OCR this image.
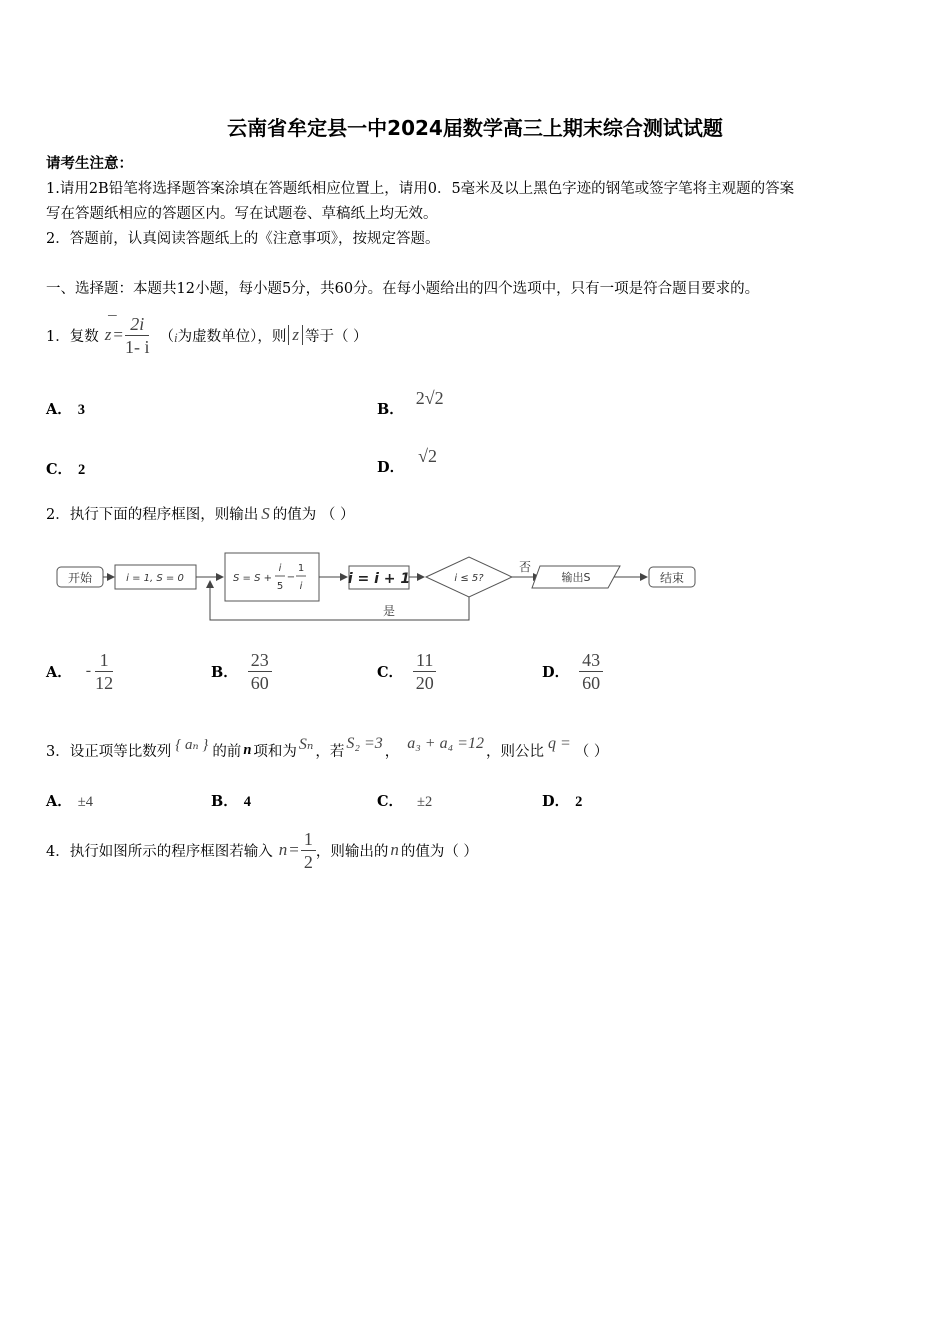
云南省牟定县一中2024届数学高三上期末综合测试试题
请考生注意：
1.请用2B铅笔将选择题答案涂填在答题纸相应位置上，请用0．5毫米及以上黑色字迹的钢笔或签字笔将主观题的答案
写在答题纸相应的答题区内。写在试题卷、草稿纸上均无效。
2．答题前，认真阅读答题纸上的《注意事项》，按规定答题。
一、选择题：本题共12小题，每小题5分，共60分。在每小题给出的四个选项中，只有一项是符合题目要求的。
1．复数
¯
$z = \frac{2i}{1- i}$ （ i 为虚数单位），则 z 等于（ ）
A． 3	B．2√2
C． 2	D．√2
2．执行下面的程序框图，则输出 S 的值为 （ ）
开始	i = 1, S = 0	S = S +
i
5
−
1
i	i = i + 1	i ≤ 5?
否
输出S	结束
是
A． - $\frac{1}{12}$	B． $\frac{23}{60}$	C． $\frac{11}{20}$	D． $\frac{43}{60}$
3．设正项等比数列 { aₙ } 的前 n 项和为 Sₙ ，若 S₂ =3 ， a₃ + a₄ =12 ，则公比 q = （ ）
A． ±4	B． 4	C． ±2	D． 2
4．执行如图所示的程序框图若输入 $n = \frac{1}{2}$ ，则输出的 n 的值为（ ）
